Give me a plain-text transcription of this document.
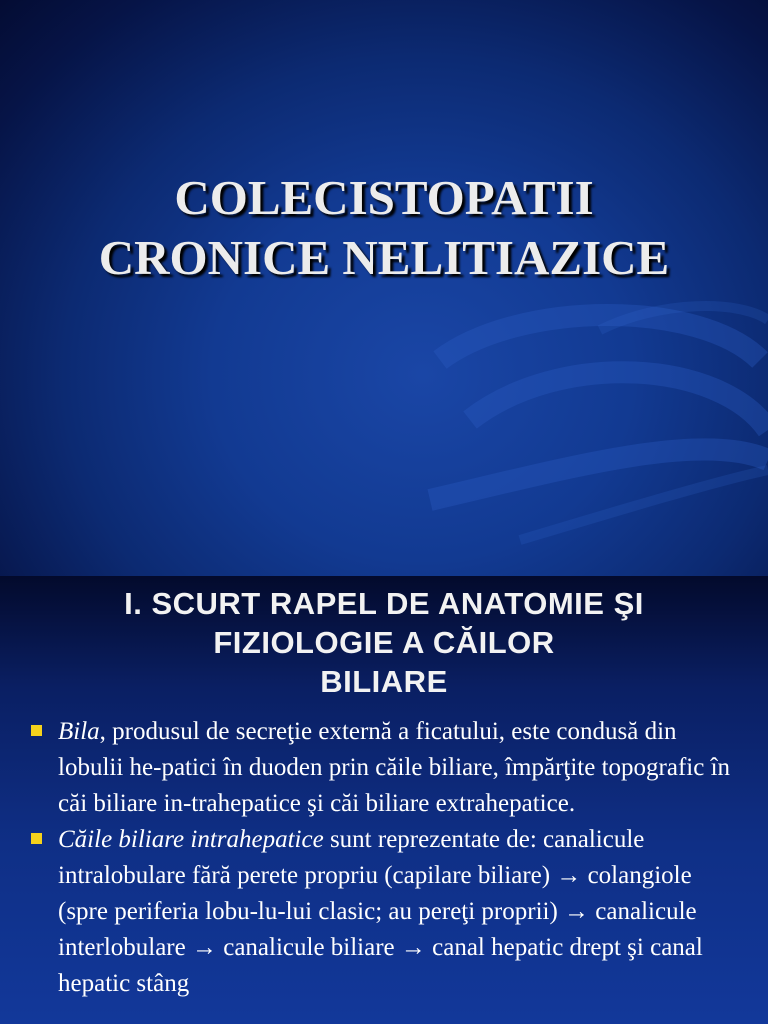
COLECISTOPATII
CRONICE NELITIAZICE
I. SCURT RAPEL DE ANATOMIE ŞI
FIZIOLOGIE A CĂILOR
BILIARE
Bila, produsul de secreţie externă a ficatului, este condusă din lobulii he-patici în duoden prin căile biliare, împărţite topografic în căi biliare in-trahepatice şi căi biliare extrahepatice.
Căile biliare intrahepatice sunt reprezentate de: canalicule intralobulare fără perete propriu (capilare biliare) → colangiole (spre periferia lobu-lu-lui clasic; au pereţi proprii) → canalicule interlobulare → canalicule biliare → canal hepatic drept şi canal hepatic stâng
